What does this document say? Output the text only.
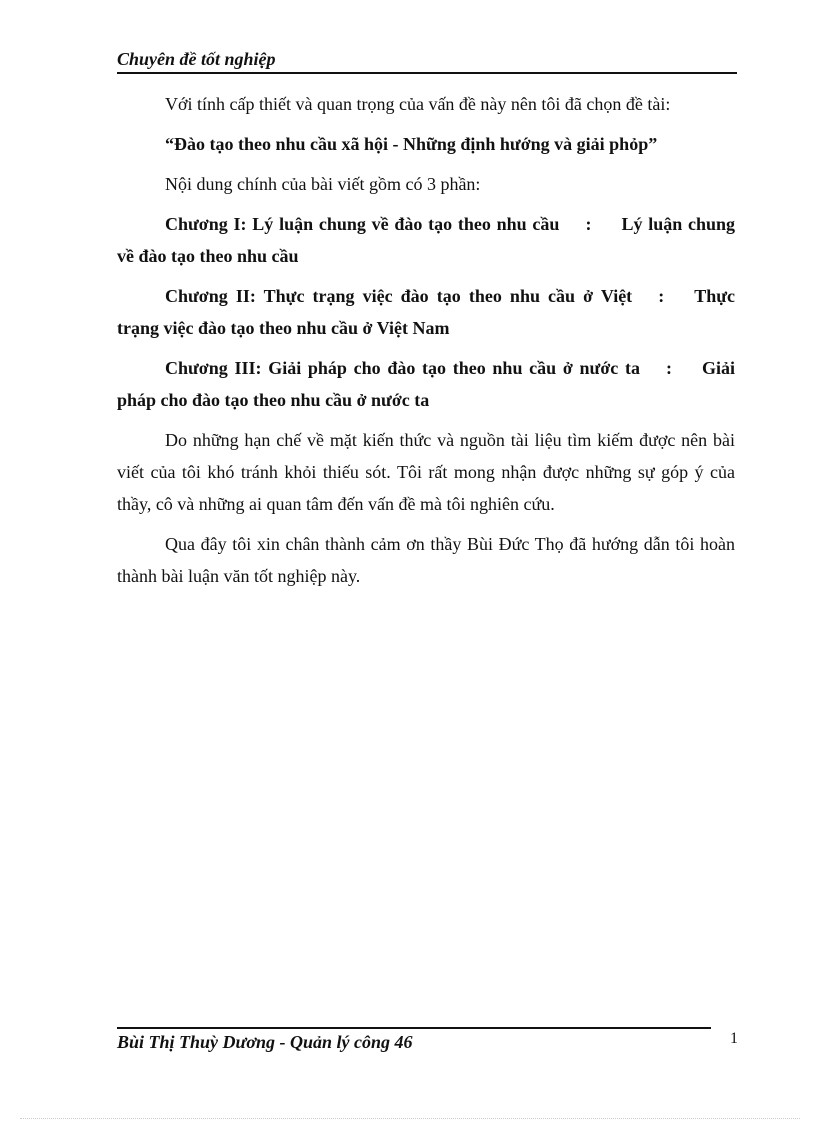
Chuyên đề tốt nghiệp

Với tính cấp thiết và quan trọng của vấn đề này nên tôi đã chọn đề tài:

“Đào tạo theo nhu cầu xã hội - Những định hướng và giải phỏp”

Nội dung chính của bài viết gồm có 3 phần:

Chương I: Lý luận chung về đào tạo theo nhu cầu : Lý luận chung về đào tạo theo nhu cầu

Chương II: Thực trạng việc đào tạo theo nhu cầu ở Việt : Thực trạng việc đào tạo theo nhu cầu ở Việt Nam

Chương III: Giải pháp cho đào tạo theo nhu cầu ở nước ta : Giải pháp cho đào tạo theo nhu cầu ở nước ta

Do những hạn chế về mặt kiến thức và nguồn tài liệu tìm kiếm được nên bài viết của tôi khó tránh khỏi thiếu sót. Tôi rất mong nhận được những sự góp ý của thầy, cô và những ai quan tâm đến vấn đề mà tôi nghiên cứu.

Qua đây tôi xin chân thành cảm ơn thầy Bùi Đức Thọ đã hướng dẫn tôi hoàn thành bài luận văn tốt nghiệp này.

Bùi Thị Thuỳ Dương - Quản lý công 46	1
